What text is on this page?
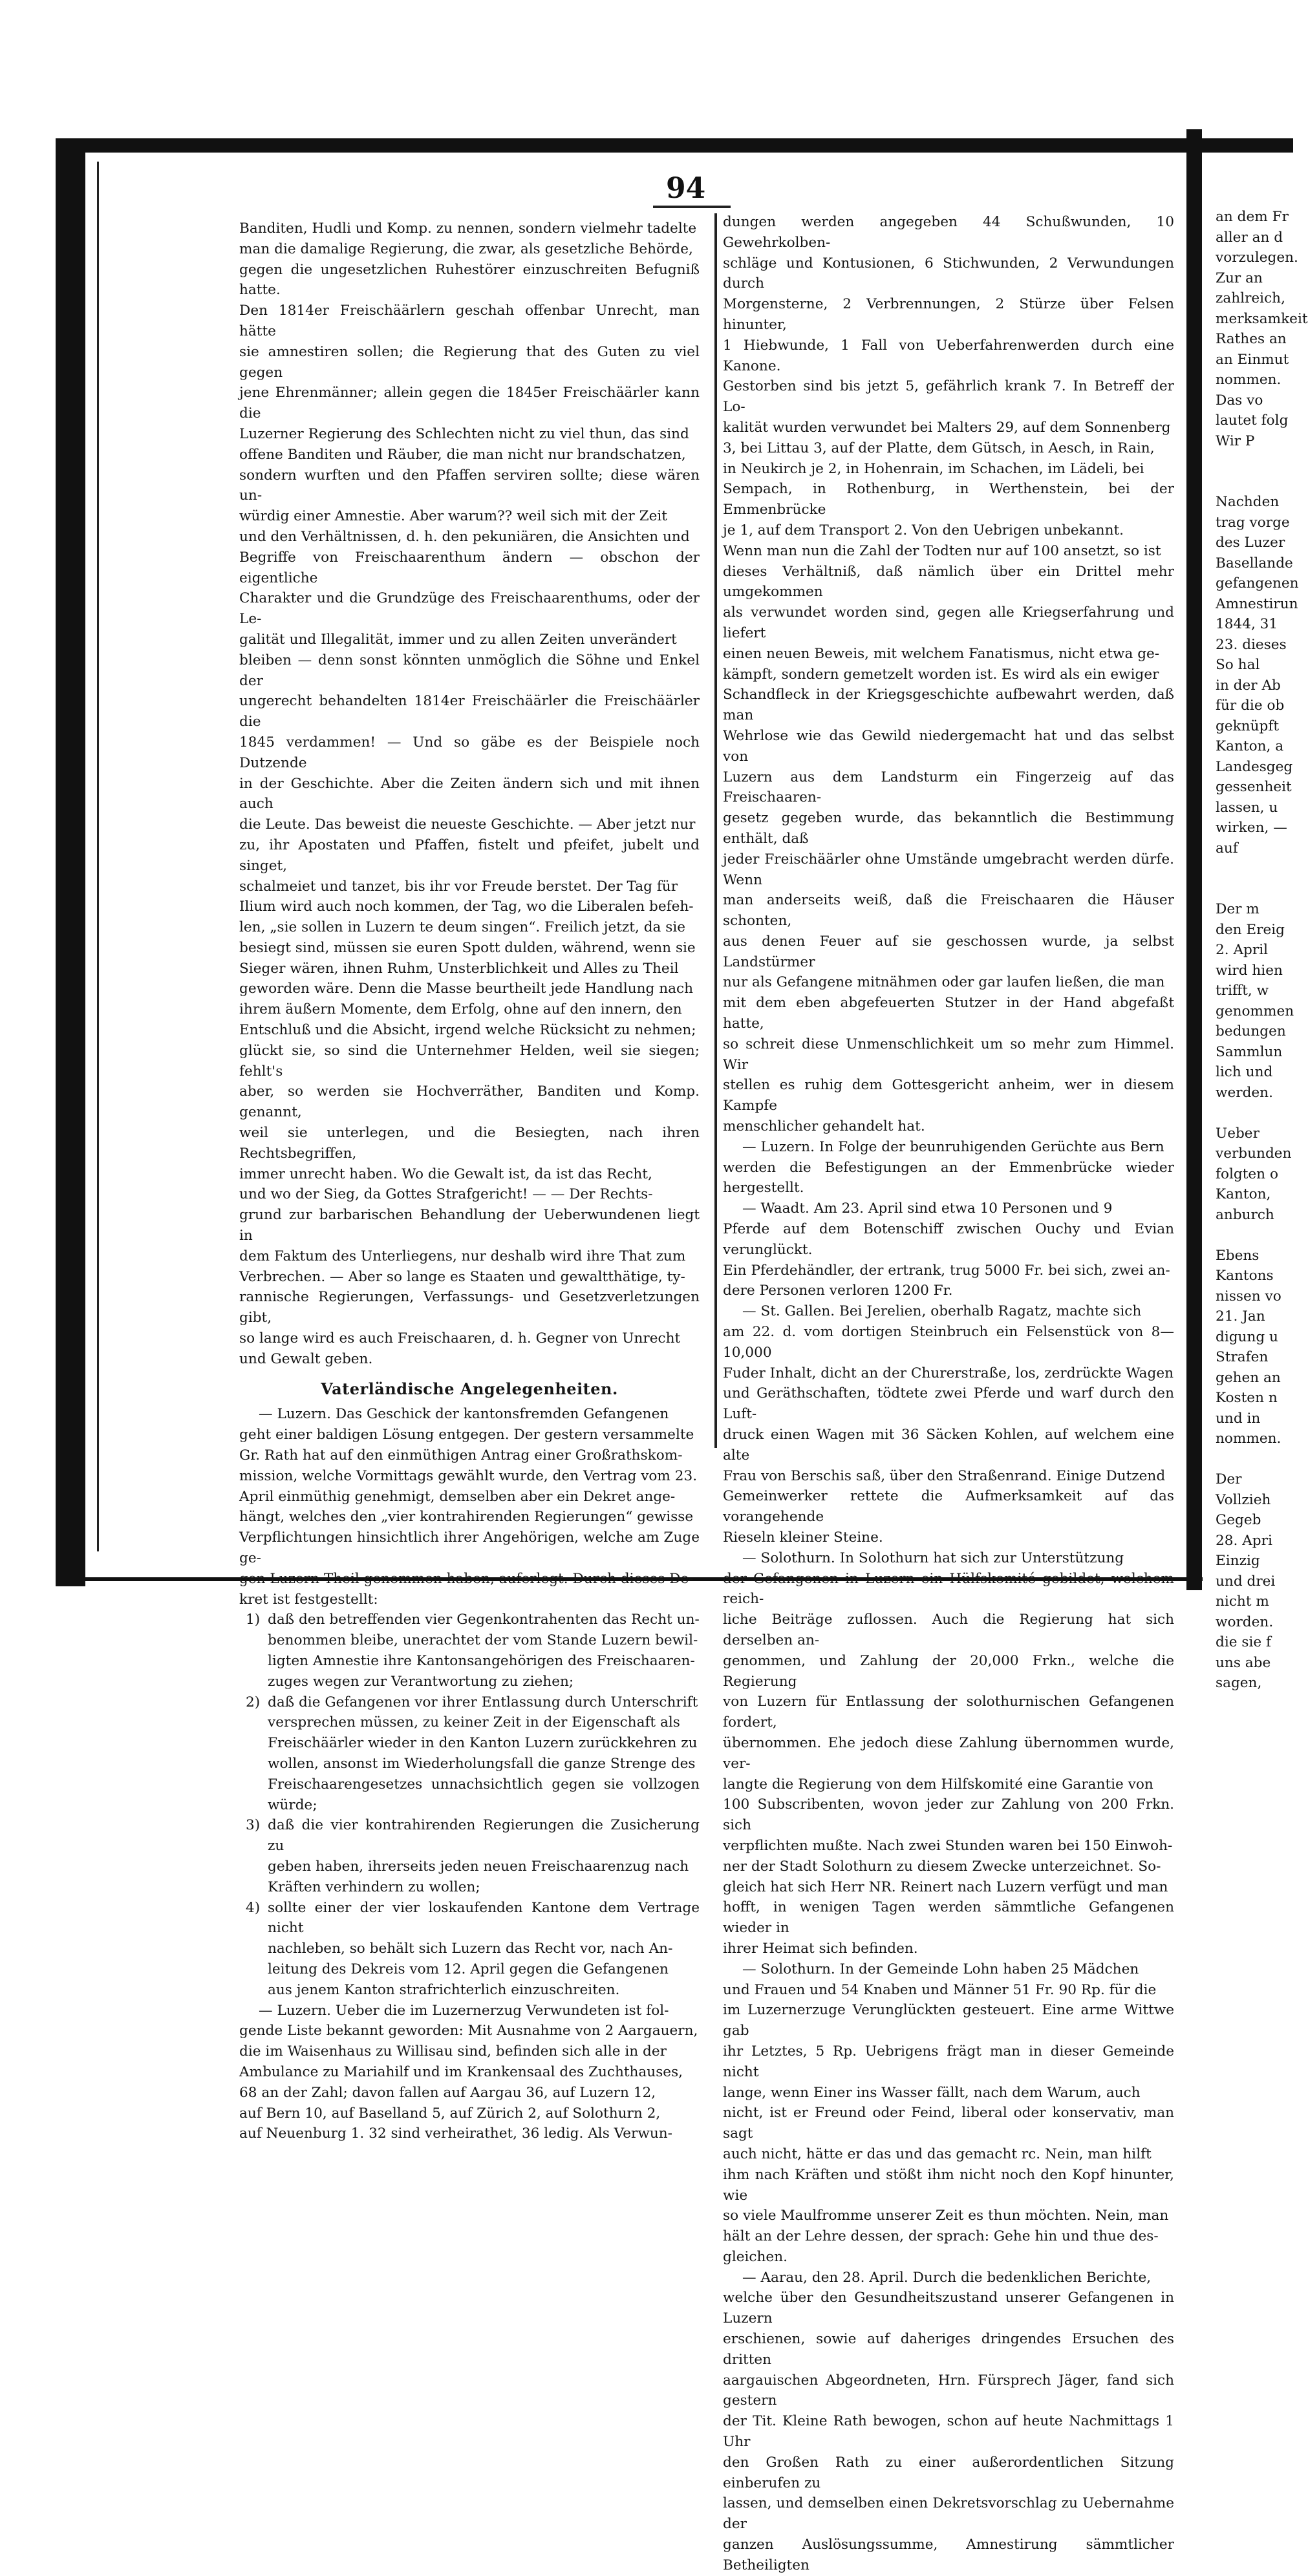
94

Banditen, Hudli und Komp. zu nennen, sondern vielmehr tadelte
man die damalige Regierung, die zwar, als gesetzliche Behörde,
gegen die ungesetzlichen Ruhestörer einzuschreiten Befugniß hatte.
Den 1814er Freischäärlern geschah offenbar Unrecht, man hätte
sie amnestiren sollen; die Regierung that des Guten zu viel gegen
jene Ehrenmänner; allein gegen die 1845er Freischäärler kann die
Luzerner Regierung des Schlechten nicht zu viel thun, das sind
offene Banditen und Räuber, die man nicht nur brandschatzen,
sondern wurften und den Pfaffen serviren sollte; diese wären un-
würdig einer Amnestie. Aber warum?? weil sich mit der Zeit
und den Verhältnissen, d. h. den pekuniären, die Ansichten und
Begriffe von Freischaarenthum ändern — obschon der eigentliche
Charakter und die Grundzüge des Freischaarenthums, oder der Le-
galität und Illegalität, immer und zu allen Zeiten unverändert
bleiben — denn sonst könnten unmöglich die Söhne und Enkel der
ungerecht behandelten 1814er Freischäärler die Freischäärler die
1845 verdammen! — Und so gäbe es der Beispiele noch Dutzende
in der Geschichte. Aber die Zeiten ändern sich und mit ihnen auch
die Leute. Das beweist die neueste Geschichte. — Aber jetzt nur
zu, ihr Apostaten und Pfaffen, fistelt und pfeifet, jubelt und singet,
schalmeiet und tanzet, bis ihr vor Freude berstet. Der Tag für
Ilium wird auch noch kommen, der Tag, wo die Liberalen befeh-
len, „sie sollen in Luzern te deum singen“. Freilich jetzt, da sie
besiegt sind, müssen sie euren Spott dulden, während, wenn sie
Sieger wären, ihnen Ruhm, Unsterblichkeit und Alles zu Theil
geworden wäre. Denn die Masse beurtheilt jede Handlung nach
ihrem äußern Momente, dem Erfolg, ohne auf den innern, den
Entschluß und die Absicht, irgend welche Rücksicht zu nehmen;
glückt sie, so sind die Unternehmer Helden, weil sie siegen; fehlt's
aber, so werden sie Hochverräther, Banditen und Komp. genannt,
weil sie unterlegen, und die Besiegten, nach ihren Rechtsbegriffen,
immer unrecht haben. Wo die Gewalt ist, da ist das Recht,
und wo der Sieg, da Gottes Strafgericht! — — Der Rechts-
grund zur barbarischen Behandlung der Ueberwundenen liegt in
dem Faktum des Unterliegens, nur deshalb wird ihre That zum
Verbrechen. — Aber so lange es Staaten und gewaltthätige, ty-
rannische Regierungen, Verfassungs- und Gesetzverletzungen gibt,
so lange wird es auch Freischaaren, d. h. Gegner von Unrecht
und Gewalt geben.

Vaterländische Angelegenheiten.

— Luzern. Das Geschick der kantonsfremden Gefangenen
geht einer baldigen Lösung entgegen. Der gestern versammelte
Gr. Rath hat auf den einmüthigen Antrag einer Großrathskom-
mission, welche Vormittags gewählt wurde, den Vertrag vom 23.
April einmüthig genehmigt, demselben aber ein Dekret ange-
hängt, welches den „vier kontrahirenden Regierungen“ gewisse
Verpflichtungen hinsichtlich ihrer Angehörigen, welche am Zuge ge-
gen Luzern Theil genommen haben, auferlegt. Durch dieses De-
kret ist festgestellt:

1) daß den betreffenden vier Gegenkontrahenten das Recht un-
benommen bleibe, unerachtet der vom Stande Luzern bewil-
ligten Amnestie ihre Kantonsangehörigen des Freischaaren-
zuges wegen zur Verantwortung zu ziehen;
2) daß die Gefangenen vor ihrer Entlassung durch Unterschrift
versprechen müssen, zu keiner Zeit in der Eigenschaft als
Freischäärler wieder in den Kanton Luzern zurückkehren zu
wollen, ansonst im Wiederholungsfall die ganze Strenge des
Freischaarengesetzes unnachsichtlich gegen sie vollzogen würde;
3) daß die vier kontrahirenden Regierungen die Zusicherung zu
geben haben, ihrerseits jeden neuen Freischaarenzug nach
Kräften verhindern zu wollen;
4) sollte einer der vier loskaufenden Kantone dem Vertrage nicht
nachleben, so behält sich Luzern das Recht vor, nach An-
leitung des Dekreis vom 12. April gegen die Gefangenen
aus jenem Kanton strafrichterlich einzuschreiten.

— Luzern. Ueber die im Luzernerzug Verwundeten ist fol-
gende Liste bekannt geworden: Mit Ausnahme von 2 Aargauern,
die im Waisenhaus zu Willisau sind, befinden sich alle in der
Ambulance zu Mariahilf und im Krankensaal des Zuchthauses,
68 an der Zahl; davon fallen auf Aargau 36, auf Luzern 12,
auf Bern 10, auf Baselland 5, auf Zürich 2, auf Solothurn 2,
auf Neuenburg 1. 32 sind verheirathet, 36 ledig. Als Verwun-

dungen werden angegeben 44 Schußwunden, 10 Gewehrkolben-
schläge und Kontusionen, 6 Stichwunden, 2 Verwundungen durch
Morgensterne, 2 Verbrennungen, 2 Stürze über Felsen hinunter,
1 Hiebwunde, 1 Fall von Ueberfahrenwerden durch eine Kanone.
Gestorben sind bis jetzt 5, gefährlich krank 7. In Betreff der Lo-
kalität wurden verwundet bei Malters 29, auf dem Sonnenberg
3, bei Littau 3, auf der Platte, dem Gütsch, in Aesch, in Rain,
in Neukirch je 2, in Hohenrain, im Schachen, im Lädeli, bei
Sempach, in Rothenburg, in Werthenstein, bei der Emmenbrücke
je 1, auf dem Transport 2. Von den Uebrigen unbekannt.
Wenn man nun die Zahl der Todten nur auf 100 ansetzt, so ist
dieses Verhältniß, daß nämlich über ein Drittel mehr umgekommen
als verwundet worden sind, gegen alle Kriegserfahrung und liefert
einen neuen Beweis, mit welchem Fanatismus, nicht etwa ge-
kämpft, sondern gemetzelt worden ist. Es wird als ein ewiger
Schandfleck in der Kriegsgeschichte aufbewahrt werden, daß man
Wehrlose wie das Gewild niedergemacht hat und das selbst von
Luzern aus dem Landsturm ein Fingerzeig auf das Freischaaren-
gesetz gegeben wurde, das bekanntlich die Bestimmung enthält, daß
jeder Freischäärler ohne Umstände umgebracht werden dürfe. Wenn
man anderseits weiß, daß die Freischaaren die Häuser schonten,
aus denen Feuer auf sie geschossen wurde, ja selbst Landstürmer
nur als Gefangene mitnähmen oder gar laufen ließen, die man
mit dem eben abgefeuerten Stutzer in der Hand abgefaßt hatte,
so schreit diese Unmenschlichkeit um so mehr zum Himmel. Wir
stellen es ruhig dem Gottesgericht anheim, wer in diesem Kampfe
menschlicher gehandelt hat.

— Luzern. In Folge der beunruhigenden Gerüchte aus Bern
werden die Befestigungen an der Emmenbrücke wieder hergestellt.

— Waadt. Am 23. April sind etwa 10 Personen und 9
Pferde auf dem Botenschiff zwischen Ouchy und Evian verunglückt.
Ein Pferdehändler, der ertrank, trug 5000 Fr. bei sich, zwei an-
dere Personen verloren 1200 Fr.

— St. Gallen. Bei Jerelien, oberhalb Ragatz, machte sich
am 22. d. vom dortigen Steinbruch ein Felsenstück von 8—10,000
Fuder Inhalt, dicht an der Churerstraße, los, zerdrückte Wagen
und Geräthschaften, tödtete zwei Pferde und warf durch den Luft-
druck einen Wagen mit 36 Säcken Kohlen, auf welchem eine alte
Frau von Berschis saß, über den Straßenrand. Einige Dutzend
Gemeinwerker rettete die Aufmerksamkeit auf das vorangehende
Rieseln kleiner Steine.

— Solothurn. In Solothurn hat sich zur Unterstützung
der Gefangenen in Luzern ein Hülfskomité gebildet, welchem reich-
liche Beiträge zuflossen. Auch die Regierung hat sich derselben an-
genommen, und Zahlung der 20,000 Frkn., welche die Regierung
von Luzern für Entlassung der solothurnischen Gefangenen fordert,
übernommen. Ehe jedoch diese Zahlung übernommen wurde, ver-
langte die Regierung von dem Hilfskomité eine Garantie von
100 Subscribenten, wovon jeder zur Zahlung von 200 Frkn. sich
verpflichten mußte. Nach zwei Stunden waren bei 150 Einwoh-
ner der Stadt Solothurn zu diesem Zwecke unterzeichnet. So-
gleich hat sich Herr NR. Reinert nach Luzern verfügt und man
hofft, in wenigen Tagen werden sämmtliche Gefangenen wieder in
ihrer Heimat sich befinden.

— Solothurn. In der Gemeinde Lohn haben 25 Mädchen
und Frauen und 54 Knaben und Männer 51 Fr. 90 Rp. für die
im Luzernerzuge Verunglückten gesteuert. Eine arme Wittwe gab
ihr Letztes, 5 Rp. Uebrigens frägt man in dieser Gemeinde nicht
lange, wenn Einer ins Wasser fällt, nach dem Warum, auch
nicht, ist er Freund oder Feind, liberal oder konservativ, man sagt
auch nicht, hätte er das und das gemacht rc. Nein, man hilft
ihm nach Kräften und stößt ihm nicht noch den Kopf hinunter, wie
so viele Maulfromme unserer Zeit es thun möchten. Nein, man
hält an der Lehre dessen, der sprach: Gehe hin und thue des-
gleichen.

— Aarau, den 28. April. Durch die bedenklichen Berichte,
welche über den Gesundheitszustand unserer Gefangenen in Luzern
erschienen, sowie auf daheriges dringendes Ersuchen des dritten
aargauischen Abgeordneten, Hrn. Fürsprech Jäger, fand sich gestern
der Tit. Kleine Rath bewogen, schon auf heute Nachmittags 1 Uhr
den Großen Rath zu einer außerordentlichen Sitzung einberufen zu
lassen, und demselben einen Dekretsvorschlag zu Uebernahme der
ganzen Auslösungssumme, Amnestirung sämmtlicher Betheiligten

an dem Fr
aller an d
vorzulegen.
Zur an
zahlreich,
merksamkeit
Rathes an
an Einmut
nommen.
Das vo
lautet folg
Wir P
Nachden
trag vorge
des Luzer
Basellande
gefangenen
Amnestirun
1844, 31
23. dieses
So hal
in der Ab
für die ob
geknüpft
Kanton, a
Landesgeg
gessenheit
lassen, u
wirken, —
auf
Der m
den Ereig
2. April
wird hien
trifft, w
genommen
bedungen
Sammlun
lich und
werden.
Ueber
verbunden
folgten o
Kanton,
anburch
Ebens
Kantons
nissen vo
21. Jan
digung u
Strafen
gehen an
Kosten n
und in
nommen.
Der
Vollzieh
Gegeb
28. Apri
Einzig
und drei
nicht m
worden.
die sie f
uns abe
sagen,
